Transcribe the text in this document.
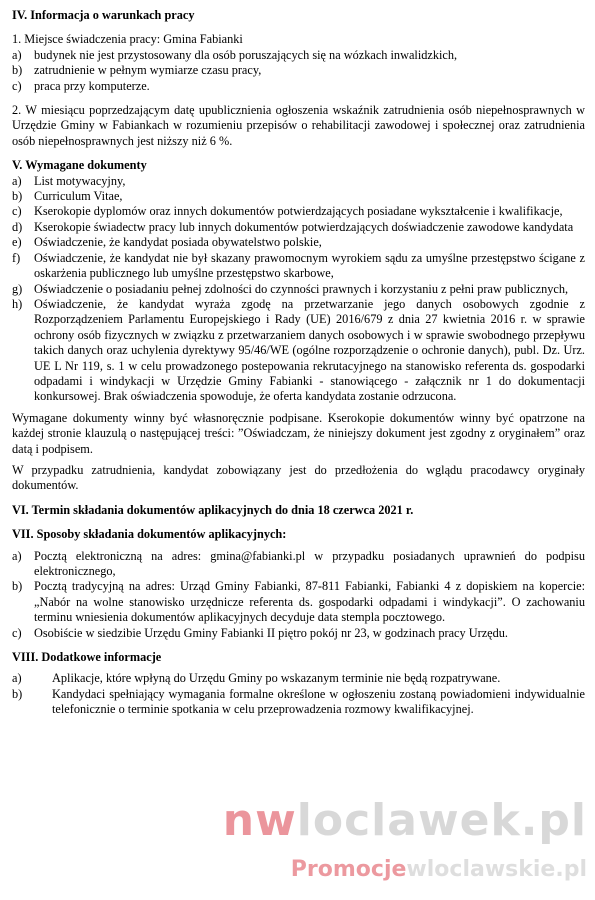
IV. Informacja o warunkach pracy

1. Miejsce świadczenia pracy: Gmina Fabianki

a)	budynek nie jest przystosowany dla osób poruszających się na wózkach inwalidzkich,
b) zatrudnienie w pełnym wymiarze czasu pracy,
c)	praca przy komputerze.

2. W miesiącu poprzedzającym datę upublicznienia ogłoszenia wskaźnik zatrudnienia osób niepełnosprawnych w Urzędzie Gminy w Fabiankach w rozumieniu przepisów o rehabilitacji zawodowej i społecznej oraz zatrudnienia osób niepełnosprawnych jest niższy niż 6 %.

V. Wymagane dokumenty
a)	List motywacyjny,
b) Curriculum Vitae,
c)	Kserokopie dyplomów oraz innych dokumentów potwierdzających posiadane wykształcenie i kwalifikacje,
d) Kserokopie świadectw pracy lub innych dokumentów potwierdzających doświadczenie zawodowe kandydata
e)	Oświadczenie, że kandydat posiada obywatelstwo polskie,
f)	Oświadczenie, że kandydat nie był skazany prawomocnym wyrokiem sądu za umyślne przestępstwo ścigane z oskarżenia publicznego lub umyślne przestępstwo skarbowe,
g) Oświadczenie o posiadaniu pełnej zdolności do czynności prawnych i korzystaniu z pełni praw publicznych,
h) Oświadczenie, że kandydat wyraża zgodę na przetwarzanie jego danych osobowych zgodnie z Rozporządzeniem Parlamentu Europejskiego i Rady (UE) 2016/679 z dnia 27 kwietnia 2016 r. w sprawie ochrony osób fizycznych w związku z przetwarzaniem danych osobowych i w sprawie swobodnego przepływu takich danych oraz uchylenia dyrektywy 95/46/WE (ogólne rozporządzenie o ochronie danych), publ. Dz. Urz. UE L Nr 119, s. 1 w celu prowadzonego postepowania rekrutacyjnego na stanowisko referenta ds. gospodarki odpadami i windykacji w Urzędzie Gminy Fabianki - stanowiącego - załącznik nr 1 do dokumentacji konkursowej. Brak oświadczenia spowoduje, że oferta kandydata zostanie odrzucona.

Wymagane dokumenty winny być własnoręcznie podpisane. Kserokopie dokumentów winny być opatrzone na każdej stronie klauzulą o następującej treści: ”Oświadczam, że niniejszy dokument jest zgodny z oryginałem” oraz datą i podpisem.

W przypadku zatrudnienia, kandydat zobowiązany jest do przedłożenia do wglądu pracodawcy oryginały dokumentów.

VI. Termin składania dokumentów aplikacyjnych do dnia 18 czerwca 2021 r.
VII. Sposoby składania dokumentów aplikacyjnych:
a)	Pocztą elektroniczną na adres: gmina@fabianki.pl w przypadku posiadanych uprawnień do podpisu elektronicznego,
b) Pocztą tradycyjną na adres: Urząd Gminy Fabianki, 87-811 Fabianki, Fabianki 4 z dopiskiem na kopercie: „Nabór na wolne stanowisko urzędnicze referenta ds. gospodarki odpadami i windykacji”. O zachowaniu terminu wniesienia dokumentów aplikacyjnych decyduje data stempla pocztowego.
c)	Osobiście w siedzibie Urzędu Gminy Fabianki II piętro pokój nr 23, w godzinach pracy Urzędu.
VIII. Dodatkowe informacje
a)	Aplikacje, które wpłyną do Urzędu Gminy po wskazanym terminie nie będą rozpatrywane.
b)	Kandydaci spełniający wymagania formalne określone w ogłoszeniu zostaną powiadomieni indywidualnie telefonicznie o terminie spotkania w celu przeprowadzenia rozmowy kwalifikacyjnej.
nwloclawek.pl
Promocjewloclawskie.pl
